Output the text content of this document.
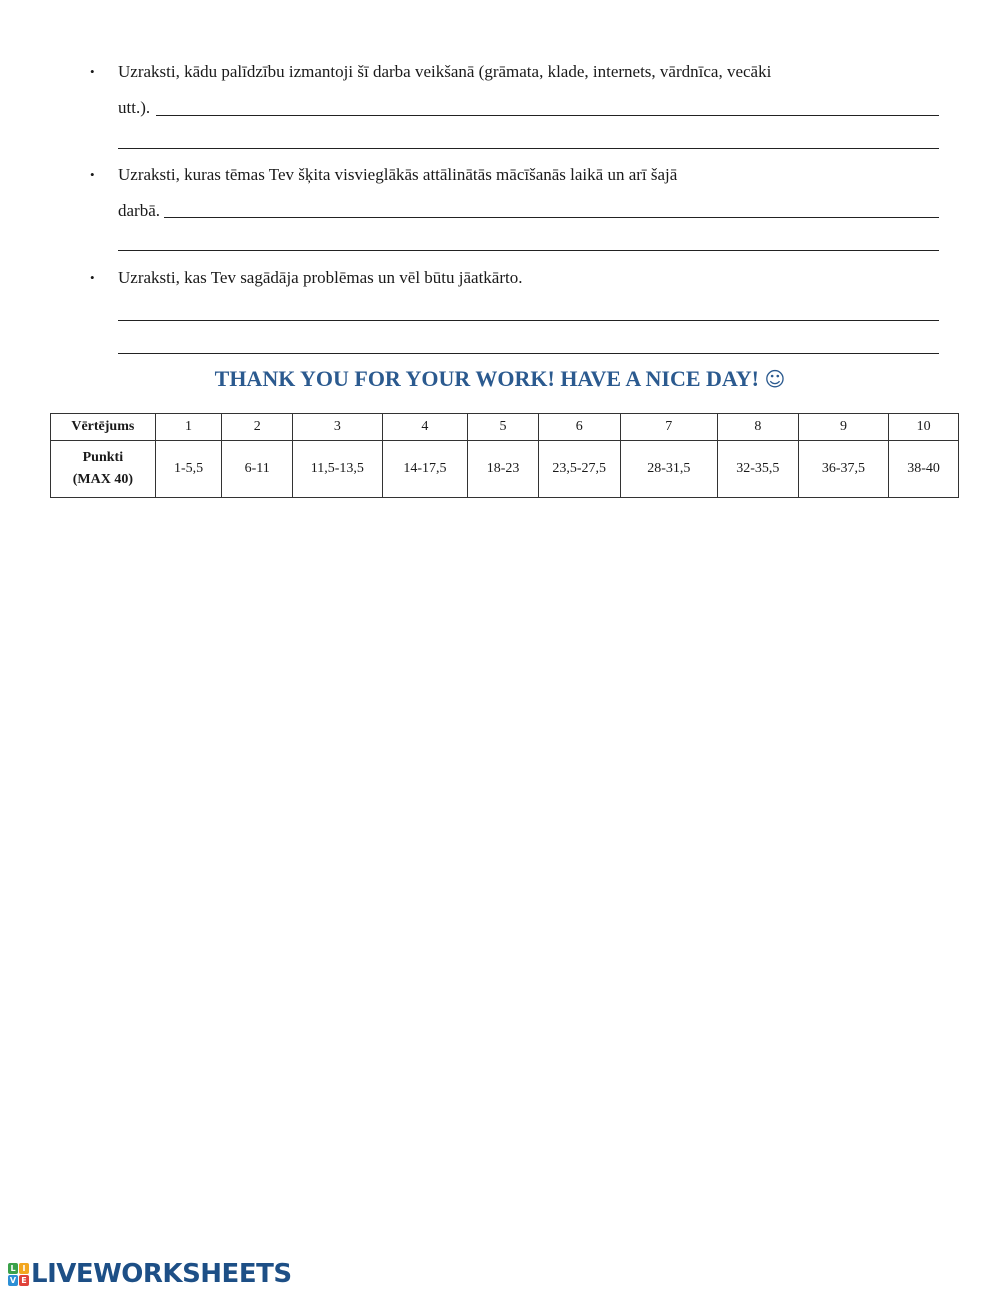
•	Uzraksti, kādu palīdzību izmantoji šī darba veikšanā (grāmata, klade, internets, vārdnīca, vecāki
utt.).
•	Uzraksti, kuras tēmas Tev šķita visvieglākās attālinātās mācīšanās laikā un arī šajā
darbā.
•	Uzraksti, kas Tev sagādāja problēmas un vēl būtu jāatkārto.
THANK YOU FOR YOUR WORK! HAVE A NICE DAY! ☺
Vērtējums	1	2	3	4	5	6	7	8	9	10

Punkti
(MAX 40)	1-5,5	6-11	11,5-13,5	14-17,5	18-23	23,5-27,5	28-31,5	32-35,5	36-37,5	38-40
L I
V E LIVEWORKSHEETS
